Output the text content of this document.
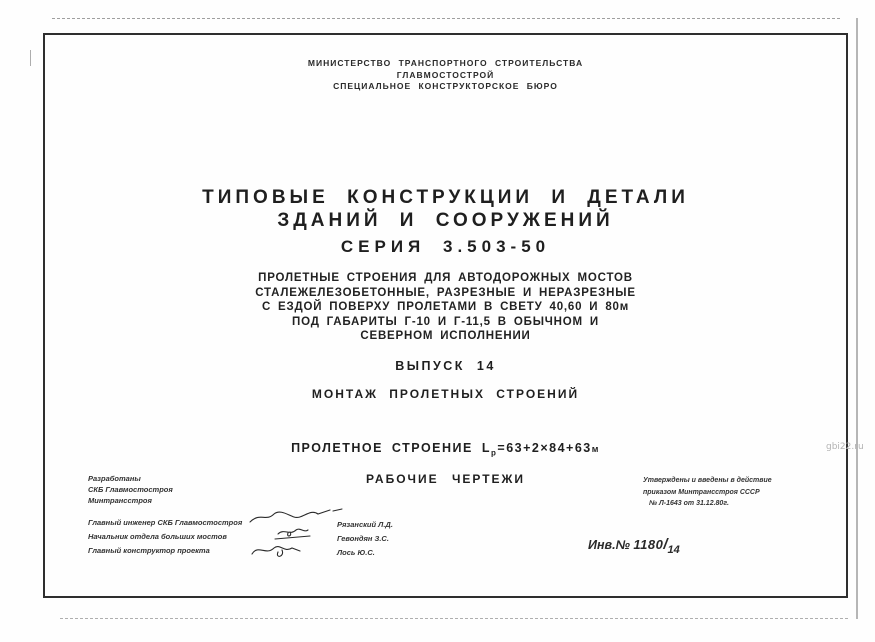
МИНИСТЕРСТВО ТРАНСПОРТНОГО СТРОИТЕЛЬСТВА
ГЛАВМОСТОСТРОЙ
СПЕЦИАЛЬНОЕ КОНСТРУКТОРСКОЕ БЮРО
ТИПОВЫЕ КОНСТРУКЦИИ И ДЕТАЛИ
ЗДАНИЙ И СООРУЖЕНИЙ
СЕРИЯ 3.503-50
ПРОЛЕТНЫЕ СТРОЕНИЯ ДЛЯ АВТОДОРОЖНЫХ МОСТОВ
СТАЛЕЖЕЛЕЗОБЕТОННЫЕ, РАЗРЕЗНЫЕ И НЕРАЗРЕЗНЫЕ
С ЕЗДОЙ ПОВЕРХУ ПРОЛЕТАМИ В СВЕТУ 40,60 И 80м
ПОД ГАБАРИТЫ Г-10 И Г-11,5 В ОБЫЧНОМ И
СЕВЕРНОМ ИСПОЛНЕНИИ
ВЫПУСК 14
МОНТАЖ ПРОЛЕТНЫХ СТРОЕНИЙ
ПРОЛЕТНОЕ СТРОЕНИЕ $L_р=63+2\times 84+63м$
РАБОЧИЕ ЧЕРТЕЖИ
Разработаны
СКБ Главмостостроя
Минтрансстроя
Главный инженер СКБ Главмостостроя
Начальник отдела больших мостов
Главный конструктор проекта
Рязанский Л.Д.
Гевондян З.С.
Лось Ю.С.
Утверждены и введены в действие
приказом Минтрансстроя СССР
№ Л-1643 от 31.12.80г.
Инв.№ 1180/14
gbi22.ru
